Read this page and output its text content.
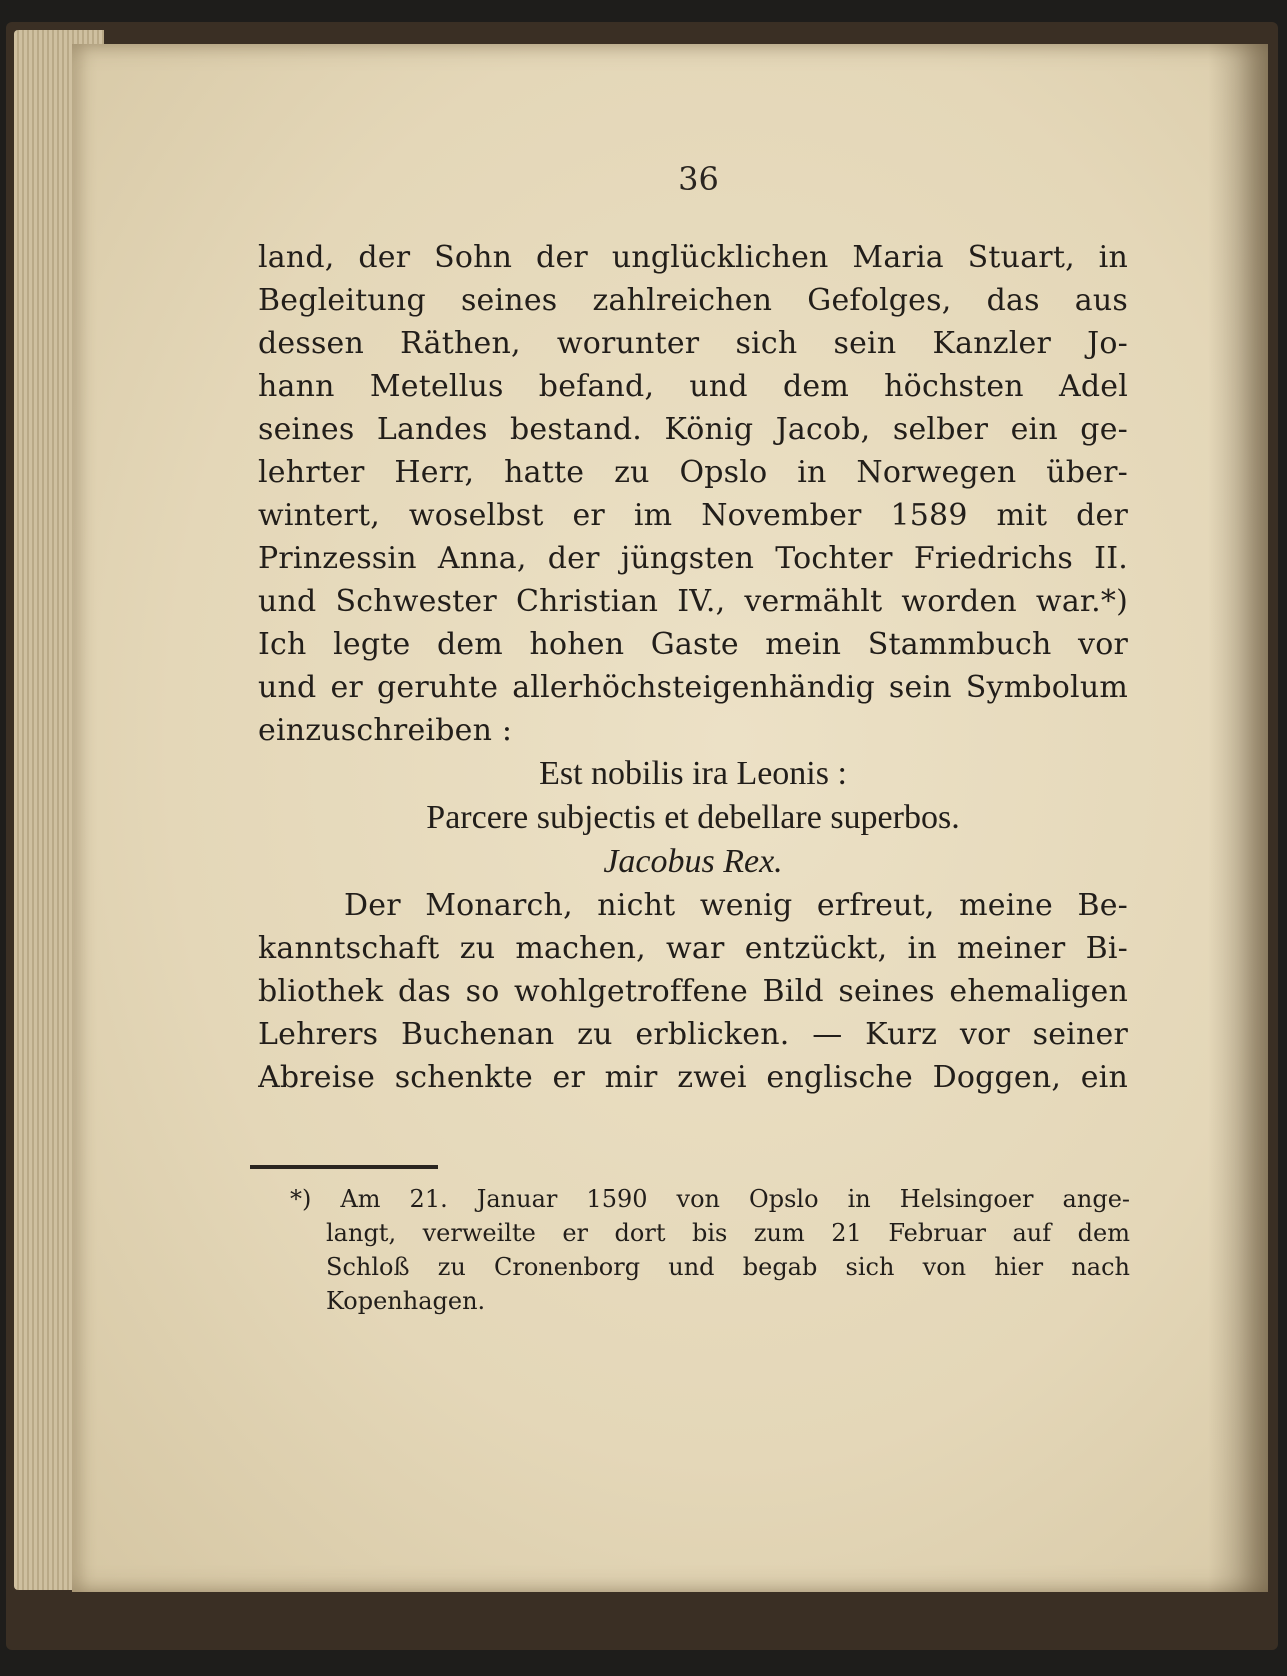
36
land, der Sohn der unglücklichen Maria Stuart, in
Begleitung seines zahlreichen Gefolges, das aus
dessen Räthen, worunter sich sein Kanzler Jo-
hann Metellus befand, und dem höchsten Adel
seines Landes bestand. König Jacob, selber ein ge-
lehrter Herr, hatte zu Opslo in Norwegen über-
wintert, woselbst er im November 1589 mit der
Prinzessin Anna, der jüngsten Tochter Friedrichs II.
und Schwester Christian IV., vermählt worden war.*)
Ich legte dem hohen Gaste mein Stammbuch vor
und er geruhte allerhöchsteigenhändig sein Symbolum
einzuschreiben :
Est nobilis ira Leonis :
Parcere subjectis et debellare superbos.
Jacobus Rex.
Der Monarch, nicht wenig erfreut, meine Be-
kanntschaft zu machen, war entzückt, in meiner Bi-
bliothek das so wohlgetroffene Bild seines ehemaligen
Lehrers Buchenan zu erblicken. — Kurz vor seiner
Abreise schenkte er mir zwei englische Doggen, ein
*) Am 21. Januar 1590 von Opslo in Helsingoer ange-
langt, verweilte er dort bis zum 21 Februar auf dem
Schloß zu Cronenborg und begab sich von hier nach
Kopenhagen.
